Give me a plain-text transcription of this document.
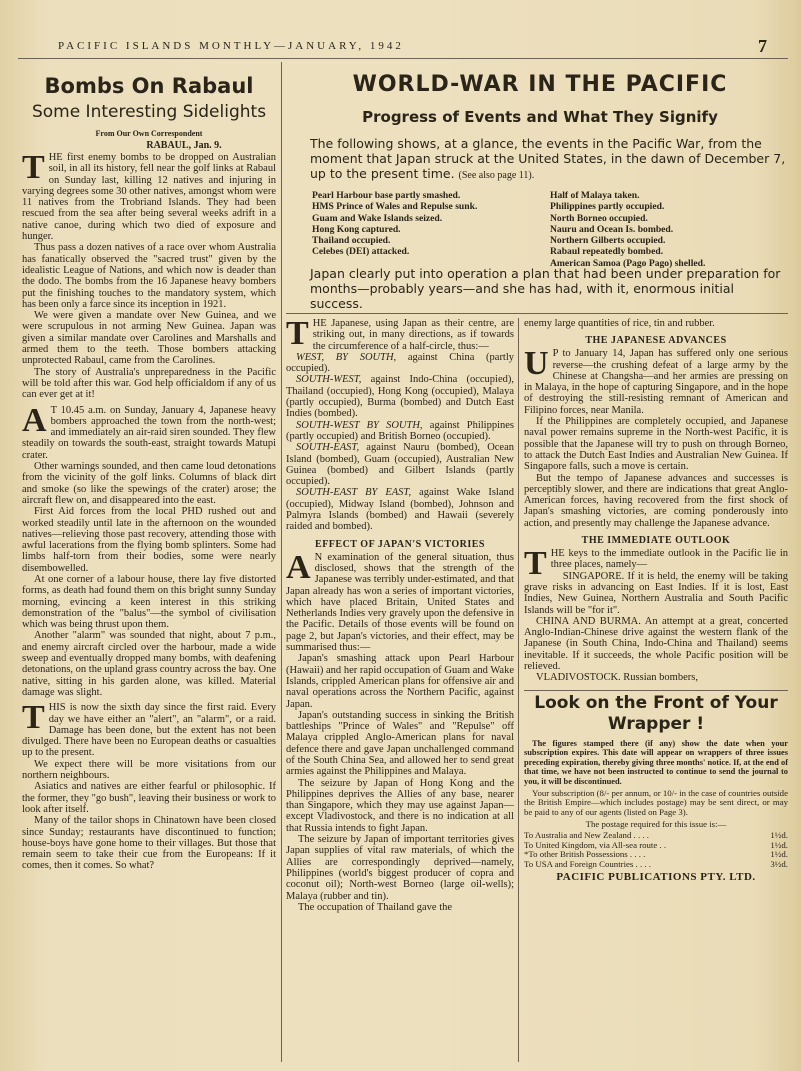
PACIFIC ISLANDS MONTHLY—JANUARY, 1942	7
Bombs On Rabaul
Some Interesting Sidelights
From Our Own Correspondent
RABAUL, Jan. 9.

THE first enemy bombs to be dropped on Australian soil, in all its history, fell near the golf links at Rabaul on Sunday last, killing 12 natives and injuring in varying degrees some 30 other natives, amongst whom were 11 natives from the Trobriand Islands. They had been rescued from the sea after being several weeks adrift in a native canoe, during which two died of exposure and hunger.

Thus pass a dozen natives of a race over whom Australia has fanatically observed the "sacred trust" given by the idealistic League of Nations, and which now is deader than the dodo. The bombs from the 16 Japanese heavy bombers put the finishing touches to the mandatory system, which has been only a farce since its inception in 1921.

We were given a mandate over New Guinea, and we were scrupulous in not arming New Guinea. Japan was given a similar mandate over Carolines and Marshalls and armed them to the teeth. Those bombers attacking unprotected Rabaul, came from the Carolines.

The story of Australia's unpreparedness in the Pacific will be told after this war. God help officialdom if any of us can ever get at it!

A T 10.45 a.m. on Sunday, January 4, Japanese heavy bombers approached the town from the north-west; and immediately an air-raid siren sounded. They flew steadily on towards the south-east, straight towards Matupi crater.

Other warnings sounded, and then came loud detonations from the vicinity of the golf links. Columns of black dirt and smoke (so like the spewings of the crater) arose; the aircraft flew on, and disappeared into the east.

First Aid forces from the local PHD rushed out and worked steadily until late in the afternoon on the wounded natives—relieving those past recovery, attending those with awful lacerations from the flying bomb splinters. Some had limbs half-torn from their bodies, some were nearly disembowelled.

At one corner of a labour house, there lay five distorted forms, as death had found them on this bright sunny Sunday morning, evincing a keen interest in this striking demonstration of the "balus"—the symbol of civilisation which was being thrust upon them.

Another "alarm" was sounded that night, about 7 p.m., and enemy aircraft circled over the harbour, made a wide sweep and eventually dropped many bombs, with deafening detonations, on the upland grass country across the bay. One native, sitting in his garden alone, was killed. Material damage was slight.

THIS is now the sixth day since the first raid. Every day we have either an "alert", an "alarm", or a raid. Damage has been done, but the extent has not been divulged. There have been no European deaths or casualties up to the present.

We expect there will be more visitations from our northern neighbours.

Asiatics and natives are either fearful or philosophic. If the former, they "go bush", leaving their business or work to look after itself.

Many of the tailor shops in Chinatown have been closed since Sunday; restaurants have discontinued to function; house-boys have gone home to their villages. But those that remain seem to take their cue from the Europeans: If it comes, then it comes. So what?

WORLD-WAR IN THE PACIFIC
Progress of Events and What They Signify
The following shows, at a glance, the events in the Pacific War, from the moment that Japan struck at the United States, in the dawn of December 7, up to the present time. (See also page 11).
Pearl Harbour base partly smashed.
HMS Prince of Wales and Repulse sunk.
Guam and Wake Islands seized.
Hong Kong captured.
Thailand occupied.
Celebes (DEI) attacked.
Half of Malaya taken.
Philippines partly occupied.
North Borneo occupied.
Nauru and Ocean Is. bombed.
Northern Gilberts occupied.
Rabaul repeatedly bombed.
American Samoa (Pago Pago) shelled.
Japan clearly put into operation a plan that had been under preparation for months—probably years—and she has had, with it, enormous initial success.

THE Japanese, using Japan as their centre, are striking out, in many directions, as if towards the circumference of a half-circle, thus:—

WEST, BY SOUTH, against China (partly occupied).

SOUTH-WEST, against Indo-China (occupied), Thailand (occupied), Hong Kong (occupied), Malaya (partly occupied), Burma (bombed) and Dutch East Indies (bombed).

SOUTH-WEST BY SOUTH, against Philippines (partly occupied) and British Borneo (occupied).

SOUTH-EAST, against Nauru (bombed), Ocean Island (bombed), Guam (occupied), Australian New Guinea (bombed) and Gilbert Islands (partly occupied).

SOUTH-EAST BY EAST, against Wake Island (occupied), Midway Island (bombed), Johnson and Palmyra Islands (bombed) and Hawaii (severely raided and bombed).

EFFECT OF JAPAN'S VICTORIES

A N examination of the general situation, thus disclosed, shows that the strength of the Japanese was terribly under-estimated, and that Japan already has won a series of important victories, which have placed Britain, United States and Netherlands Indies very gravely upon the defensive in the Pacific. Details of those events will be found on page 2, but Japan's victories, and their effect, may be summarised thus:—

Japan's smashing attack upon Pearl Harbour (Hawaii) and her rapid occupation of Guam and Wake Islands, crippled American plans for offensive air and naval operations across the Northern Pacific, against Japan.

Japan's outstanding success in sinking the British battleships "Prince of Wales" and "Repulse" off Malaya crippled Anglo-American plans for naval defence there and gave Japan unchallenged command of the South China Sea, and allowed her to send great armies against the Philippines and Malaya.

The seizure by Japan of Hong Kong and the Philippines deprives the Allies of any base, nearer than Singapore, which they may use against Japan—except Vladivostock, and there is no indication at all that Russia intends to fight Japan.

The seizure by Japan of important territories gives Japan supplies of vital raw materials, of which the Allies are correspondingly deprived—namely, Philippines (world's biggest producer of copra and coconut oil); North-west Borneo (large oil-wells); Malaya (rubber and tin).

The occupation of Thailand gave the

enemy large quantities of rice, tin and rubber.

THE JAPANESE ADVANCES

U P to January 14, Japan has suffered only one serious reverse—the crushing defeat of a large army by the Chinese at Changsha—and her armies are pressing on in Malaya, in the hope of capturing Singapore, and in the hope of destroying the still-resisting remnant of American and Filipino forces, near Manila.

If the Philippines are completely occupied, and Japanese naval power remains supreme in the North-west Pacific, it is possible that the Japanese will try to push on through Borneo, to attack the Dutch East Indies and Australian New Guinea. If Singapore falls, such a move is certain.

But the tempo of Japanese advances and successes is perceptibly slower, and there are indications that great Anglo-American forces, having recovered from the first shock of Japan's smashing victories, are coming ponderously into action, and presently may challenge the Japanese advance.

THE IMMEDIATE OUTLOOK

THE keys to the immediate outlook in the Pacific lie in three places, namely—

SINGAPORE. If it is held, the enemy will be taking grave risks in advancing on East Indies. If it is lost, East Indies, New Guinea, Northern Australia and South Pacific Islands will be "for it".

CHINA AND BURMA. An attempt at a great, concerted Anglo-Indian-Chinese drive against the western flank of the Japanese (in South China, Indo-China and Thailand) seems inevitable. If it succeeds, the whole Pacific position will be relieved.

VLADIVOSTOCK. Russian bombers,

Look on the Front of Your Wrapper !

The figures stamped there (if any) show the date when your subscription expires. This date will appear on wrappers of three issues preceding expiration, thereby giving three months' notice. If, at the end of that time, we have not been instructed to continue to send the journal to you, it will be discontinued.

Your subscription (8/- per annum, or 10/- in the case of countries outside the British Empire—which includes postage) may be sent direct, or may be paid to any of our agents (listed on Page 3).

The postage required for this issue is:—
To Australia and New Zealand . . . .	1½d.
To United Kingdom, via All-sea route . .	1½d.
*To other British Possessions . . . .	1½d.
To USA and Foreign Countries . . . .	3½d.
PACIFIC PUBLICATIONS PTY. LTD.
